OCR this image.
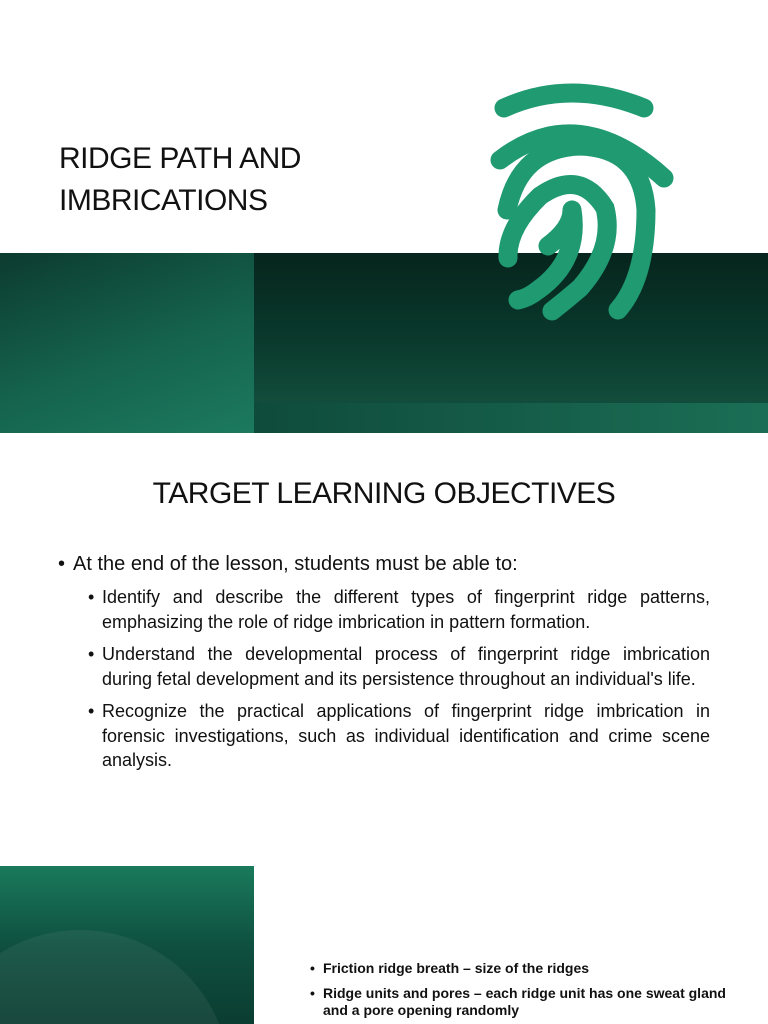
RIDGE PATH AND
IMBRICATIONS
TARGET LEARNING OBJECTIVES
• At the end of the lesson, students must be able to:
• Identify and describe the different types of fingerprint ridge patterns, emphasizing the role of ridge imbrication in pattern formation.
• Understand the developmental process of fingerprint ridge imbrication during fetal development and its persistence throughout an individual's life.
• Recognize the practical applications of fingerprint ridge imbrication in forensic investigations, such as individual identification and crime scene analysis.
• Friction ridge breath – size of the ridges
• Ridge units and pores – each ridge unit has one sweat gland and a pore opening randomly
